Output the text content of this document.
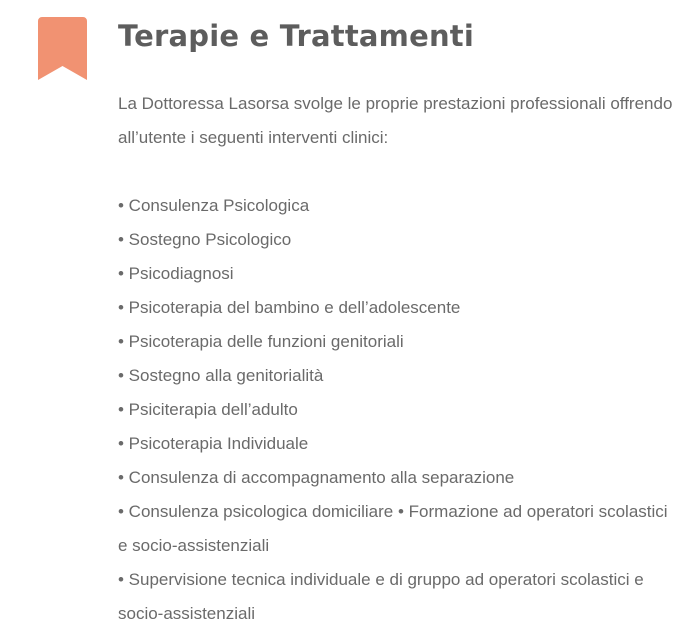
Terapie e Trattamenti

La Dottoressa Lasorsa svolge le proprie prestazioni professionali offrendo all’utente i seguenti interventi clinici:

• Consulenza Psicologica
• Sostegno Psicologico
• Psicodiagnosi
• Psicoterapia del bambino e dell’adolescente
• Psicoterapia delle funzioni genitoriali
• Sostegno alla genitorialità
• Psiciterapia dell’adulto
• Psicoterapia Individuale
• Consulenza di accompagnamento alla separazione
• Consulenza psicologica domiciliare • Formazione ad operatori scolastici e socio-assistenziali
• Supervisione tecnica individuale e di gruppo ad operatori scolastici e socio-assistenziali
